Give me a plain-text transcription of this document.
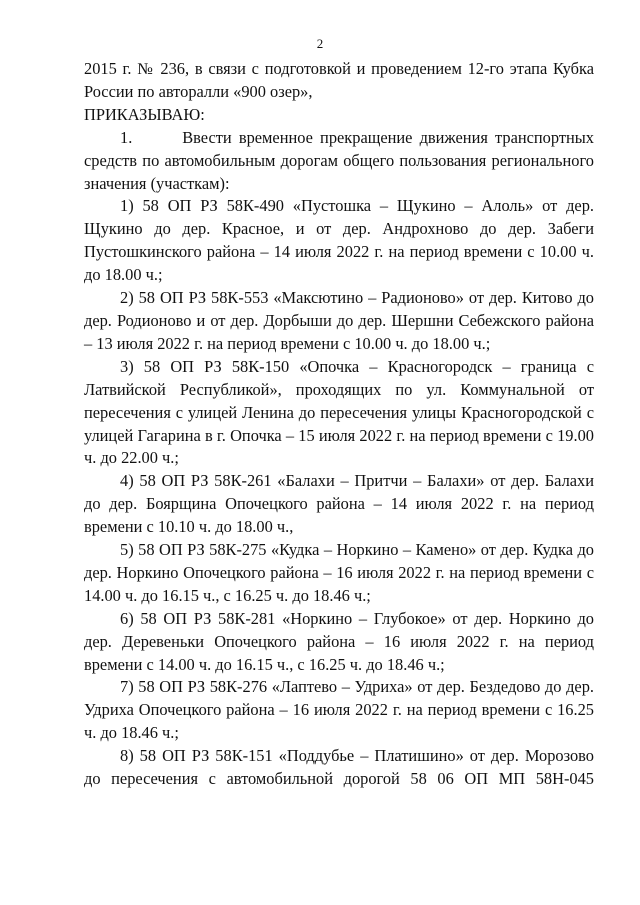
2

2015 г. № 236, в связи с подготовкой и проведением 12-го этапа Кубка России по авторалли «900 озер»,

ПРИКАЗЫВАЮ:

1.       Ввести временное прекращение движения транспортных средств по автомобильным дорогам общего пользования регионального значения (участкам):

1) 58 ОП РЗ 58К-490 «Пустошка – Щукино – Алоль» от дер. Щукино до дер. Красное, и от дер. Андрохново до дер. Забеги Пустошкинского района – 14 июля 2022 г. на период времени с 10.00 ч. до 18.00 ч.;

2) 58 ОП РЗ 58К-553 «Максютино – Радионово» от дер. Китово до дер. Родионово и от дер. Дорбыши до дер. Шершни Себежского района – 13 июля 2022 г. на период времени с 10.00 ч. до 18.00 ч.;

3) 58 ОП РЗ 58К-150 «Опочка – Красногородск – граница с Латвийской Республикой», проходящих по ул. Коммунальной от пересечения с улицей Ленина до пересечения улицы Красногородской с улицей Гагарина в г. Опочка – 15 июля 2022 г. на период времени с 19.00 ч. до 22.00 ч.;

4) 58 ОП РЗ 58К-261 «Балахи – Притчи – Балахи» от дер. Балахи до дер. Боярщина Опочецкого района – 14 июля 2022 г. на период времени с 10.10 ч. до 18.00 ч.,

5) 58 ОП РЗ 58К-275 «Кудка – Норкино – Камено» от дер. Кудка до дер. Норкино Опочецкого района – 16 июля 2022 г. на период времени с 14.00 ч. до 16.15 ч., с 16.25 ч. до 18.46 ч.;

6) 58 ОП РЗ 58К-281 «Норкино – Глубокое» от дер. Норкино до дер. Деревеньки Опочецкого района – 16 июля 2022 г. на период времени с 14.00 ч. до 16.15 ч., с 16.25 ч. до 18.46 ч.;

7) 58 ОП РЗ 58К-276 «Лаптево – Удриха» от дер. Бездедово до дер. Удриха Опочецкого района – 16 июля 2022 г. на период времени с 16.25 ч. до 18.46 ч.;

8) 58 ОП РЗ 58К-151 «Поддубье – Платишино» от дер. Морозово до пересечения с автомобильной дорогой 58 06 ОП МП 58Н-045
